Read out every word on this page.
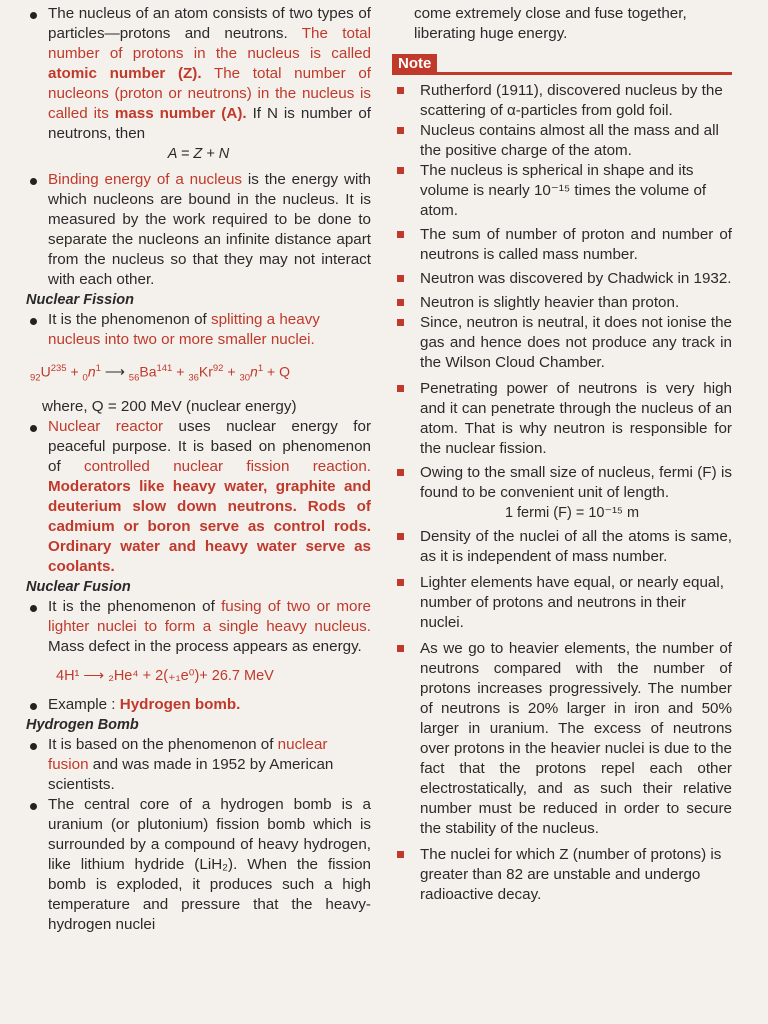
The nucleus of an atom consists of two types of particles—protons and neutrons. The total number of protons in the nucleus is called atomic number (Z). The total number of nucleons (proton or neutrons) in the nucleus is called its mass number (A). If N is number of neutrons, then
A = Z + N
Binding energy of a nucleus is the energy with which nucleons are bound in the nucleus. It is measured by the work required to be done to separate the nucleons an infinite distance apart from the nucleus so that they may not interact with each other.
Nuclear Fission
It is the phenomenon of splitting a heavy nucleus into two or more smaller nuclei.
$_{92}U^{235} + _0n^1$ ⟶ $_{56}Ba^{141} + _{36}Kr^{92} + _{30}n^1 + Q$
where, Q = 200 MeV (nuclear energy)
Nuclear reactor uses nuclear energy for peaceful purpose. It is based on phenomenon of controlled nuclear fission reaction. Moderators like heavy water, graphite and deuterium slow down neutrons. Rods of cadmium or boron serve as control rods. Ordinary water and heavy water serve as coolants.
Nuclear Fusion
It is the phenomenon of fusing of two or more lighter nuclei to form a single heavy nucleus. Mass defect in the process appears as energy.
4H¹ ⟶ ₂He⁴ + 2(₊₁e⁰)+ 26.7 MeV
Example : Hydrogen bomb.
Hydrogen Bomb
It is based on the phenomenon of nuclear fusion and was made in 1952 by American scientists.
The central core of a hydrogen bomb is a uranium (or plutonium) fission bomb which is surrounded by a compound of heavy hydrogen, like lithium hydride (LiH₂). When the fission bomb is exploded, it produces such a high temperature and pressure that the heavy-hydrogen nuclei
come extremely close and fuse together, liberating huge energy.
Note
Rutherford (1911), discovered nucleus by the scattering of α-particles from gold foil.
Nucleus contains almost all the mass and all the positive charge of the atom.
The nucleus is spherical in shape and its volume is nearly 10⁻¹⁵ times the volume of atom.
The sum of number of proton and number of neutrons is called mass number.
Neutron was discovered by Chadwick in 1932.
Neutron is slightly heavier than proton.
Since, neutron is neutral, it does not ionise the gas and hence does not produce any track in the Wilson Cloud Chamber.
Penetrating power of neutrons is very high and it can penetrate through the nucleus of an atom. That is why neutron is responsible for the nuclear fission.
Owing to the small size of nucleus, fermi (F) is found to be convenient unit of length.
1 fermi (F) = 10⁻¹⁵ m
Density of the nuclei of all the atoms is same, as it is independent of mass number.
Lighter elements have equal, or nearly equal, number of protons and neutrons in their nuclei.
As we go to heavier elements, the number of neutrons compared with the number of protons increases progressively. The number of neutrons is 20% larger in iron and 50% larger in uranium. The excess of neutrons over protons in the heavier nuclei is due to the fact that the protons repel each other electrostatically, and as such their relative number must be reduced in order to secure the stability of the nucleus.
The nuclei for which Z (number of protons) is greater than 82 are unstable and undergo radioactive decay.
